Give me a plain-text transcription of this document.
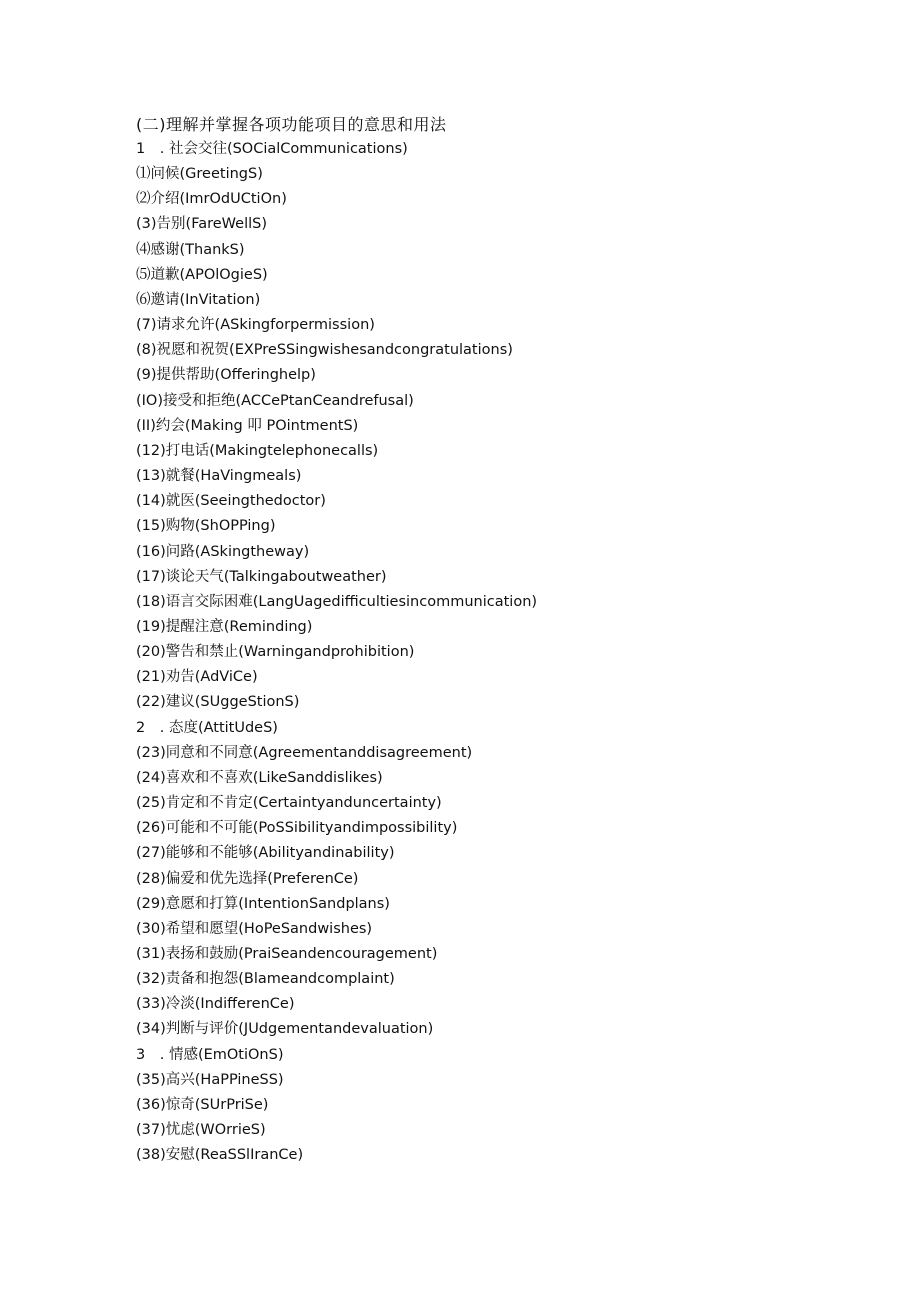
(二)理解并掌握各项功能项目的意思和用法
1　. 社会交往(SOCialCommunications)
⑴问候(GreetingS)
⑵介绍(ImrOdUCtiOn)
(3)告别(FareWellS)
⑷感谢(ThankS)
⑸道歉(APOlOgieS)
⑹邀请(InVitation)
(7)请求允许(ASkingforpermission)
(8)祝愿和祝贺(EXPreSSingwishesandcongratulations)
(9)提供帮助(Offeringhelp)
(IO)接受和拒绝(ACCePtanCeandrefusal)
(II)约会(Making 叩 POintmentS)
(12)打电话(Makingtelephonecalls)
(13)就餐(HaVingmeals)
(14)就医(Seeingthedoctor)
(15)购物(ShOPPing)
(16)问路(ASkingtheway)
(17)谈论天气(Talkingaboutweather)
(18)语言交际困难(LangUagedifficultiesincommunication)
(19)提醒注意(Reminding)
(20)警告和禁止(Warningandprohibition)
(21)劝告(AdViCe)
(22)建议(SUggeStionS)
2　. 态度(AttitUdeS)
(23)同意和不同意(Agreementanddisagreement)
(24)喜欢和不喜欢(LikeSanddislikes)
(25)肯定和不肯定(Certaintyanduncertainty)
(26)可能和不可能(PoSSibilityandimpossibility)
(27)能够和不能够(Abilityandinability)
(28)偏爱和优先选择(PreferenCe)
(29)意愿和打算(IntentionSandplans)
(30)希望和愿望(HoPeSandwishes)
(31)表扬和鼓励(PraiSeandencouragement)
(32)责备和抱怨(Blameandcomplaint)
(33)冷淡(IndifferenCe)
(34)判断与评价(JUdgementandevaluation)
3　. 情感(EmOtiOnS)
(35)高兴(HaPPineSS)
(36)惊奇(SUrPriSe)
(37)忧虑(WOrrieS)
(38)安慰(ReaSSlIranCe)
